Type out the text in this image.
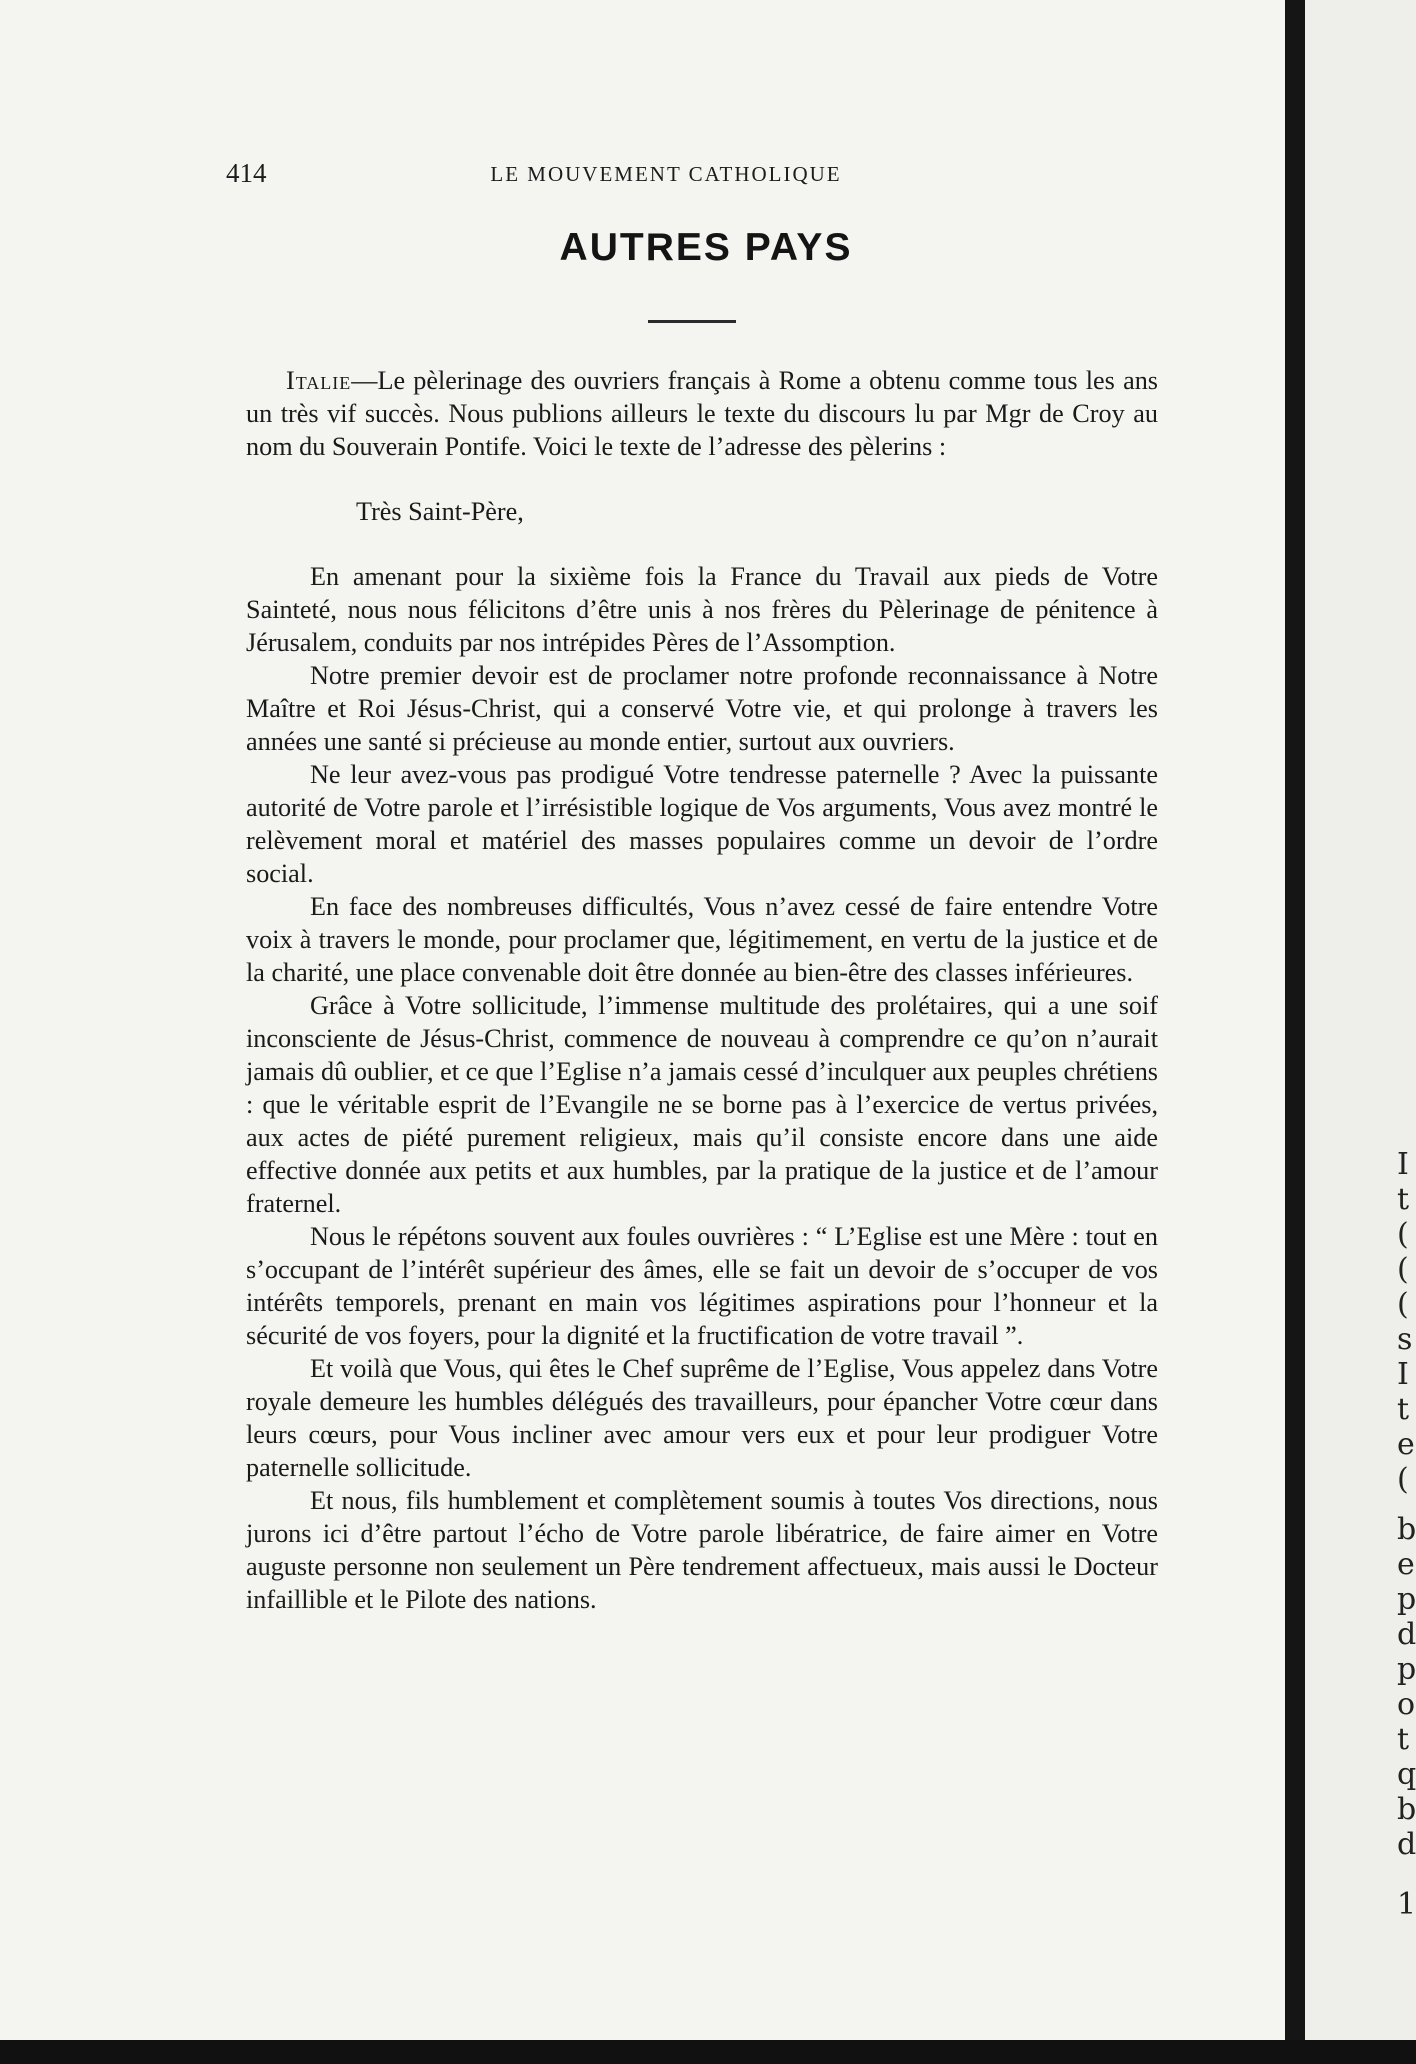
414	LE MOUVEMENT CATHOLIQUE
AUTRES PAYS

Italie—Le pèlerinage des ouvriers français à Rome a obtenu comme tous les ans un très vif succès. Nous publions ailleurs le texte du discours lu par Mgr de Croy au nom du Souverain Pontife. Voici le texte de l’adresse des pèlerins :

Très Saint-Père,

En amenant pour la sixième fois la France du Travail aux pieds de Votre Sainteté, nous nous félicitons d’être unis à nos frères du Pèlerinage de pénitence à Jérusalem, conduits par nos intrépides Pères de l’Assomption.

Notre premier devoir est de proclamer notre profonde reconnaissance à Notre Maître et Roi Jésus-Christ, qui a conservé Votre vie, et qui prolonge à travers les années une santé si précieuse au monde entier, surtout aux ouvriers.

Ne leur avez-vous pas prodigué Votre tendresse paternelle ? Avec la puissante autorité de Votre parole et l’irrésistible logique de Vos arguments, Vous avez montré le relèvement moral et matériel des masses populaires comme un devoir de l’ordre social.

En face des nombreuses difficultés, Vous n’avez cessé de faire entendre Votre voix à travers le monde, pour proclamer que, légitimement, en vertu de la justice et de la charité, une place convenable doit être donnée au bien-être des classes inférieures.

Grâce à Votre sollicitude, l’immense multitude des prolétaires, qui a une soif inconsciente de Jésus-Christ, commence de nouveau à comprendre ce qu’on n’aurait jamais dû oublier, et ce que l’Eglise n’a jamais cessé d’inculquer aux peuples chrétiens : que le véritable esprit de l’Evangile ne se borne pas à l’exercice de vertus privées, aux actes de piété purement religieux, mais qu’il consiste encore dans une aide effective donnée aux petits et aux humbles, par la pratique de la justice et de l’amour fraternel.

Nous le répétons souvent aux foules ouvrières : “ L’Eglise est une Mère : tout en s’occupant de l’intérêt supérieur des âmes, elle se fait un devoir de s’occuper de vos intérêts temporels, prenant en main vos légitimes aspirations pour l’honneur et la sécurité de vos foyers, pour la dignité et la fructification de votre travail ”.

Et voilà que Vous, qui êtes le Chef suprême de l’Eglise, Vous appelez dans Votre royale demeure les humbles délégués des travailleurs, pour épancher Votre cœur dans leurs cœurs, pour Vous incliner avec amour vers eux et pour leur prodiguer Votre paternelle sollicitude.

Et nous, fils humblement et complètement soumis à toutes Vos directions, nous jurons ici d’être partout l’écho de Votre parole libératrice, de faire aimer en Votre auguste personne non seulement un Père tendrement affectueux, mais aussi le Docteur infaillible et le Pilote des nations.

I
t
(
(
(
s
I
t
e
(
b
e
p
d
p
o
t
q
b
d
1
